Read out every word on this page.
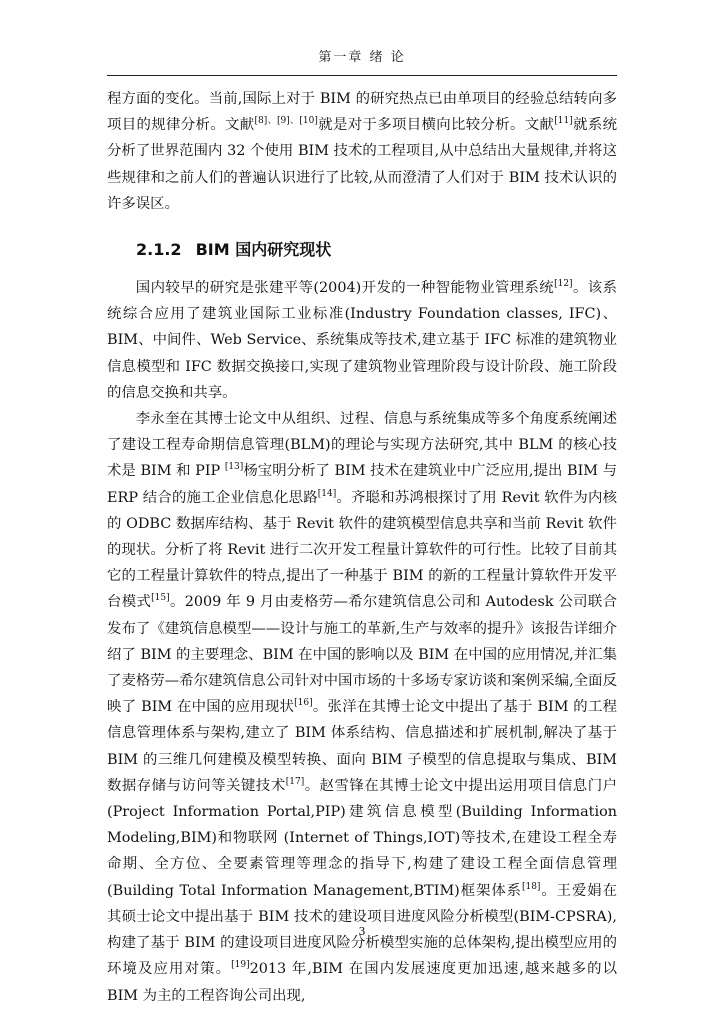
第一章 绪 论

程方面的变化。当前,国际上对于 BIM 的研究热点已由单项目的经验总结转向多项目的规律分析。文献[8]、[9]、[10]就是对于多项目横向比较分析。文献[11]就系统分析了世界范围内 32 个使用 BIM 技术的工程项目,从中总结出大量规律,并将这些规律和之前人们的普遍认识进行了比较,从而澄清了人们对于 BIM 技术认识的许多误区。

2.1.2 BIM 国内研究现状

国内较早的研究是张建平等(2004)开发的一种智能物业管理系统[12]。该系统综合应用了建筑业国际工业标准(Industry Foundation classes, IFC)、BIM、中间件、Web Service、系统集成等技术,建立基于 IFC 标准的建筑物业信息模型和 IFC 数据交换接口,实现了建筑物业管理阶段与设计阶段、施工阶段的信息交换和共享。

李永奎在其博士论文中从组织、过程、信息与系统集成等多个角度系统阐述了建设工程寿命期信息管理(BLM)的理论与实现方法研究,其中 BLM 的核心技术是 BIM 和 PIP [13]杨宝明分析了 BIM 技术在建筑业中广泛应用,提出 BIM 与 ERP 结合的施工企业信息化思路[14]。齐聪和苏鸿根探讨了用 Revit 软件为内核的 ODBC 数据库结构、基于 Revit 软件的建筑模型信息共享和当前 Revit 软件的现状。分析了将 Revit 进行二次开发工程量计算软件的可行性。比较了目前其它的工程量计算软件的特点,提出了一种基于 BIM 的新的工程量计算软件开发平台模式[15]。2009 年 9 月由麦格劳—希尔建筑信息公司和 Autodesk 公司联合发布了《建筑信息模型——设计与施工的革新,生产与效率的提升》该报告详细介绍了 BIM 的主要理念、BIM 在中国的影响以及 BIM 在中国的应用情况,并汇集了麦格劳—希尔建筑信息公司针对中国市场的十多场专家访谈和案例采编,全面反映了 BIM 在中国的应用现状[16]。张洋在其博士论文中提出了基于 BIM 的工程信息管理体系与架构,建立了 BIM 体系结构、信息描述和扩展机制,解决了基于 BIM 的三维几何建模及模型转换、面向 BIM 子模型的信息提取与集成、BIM 数据存储与访问等关键技术[17]。赵雪锋在其博士论文中提出运用项目信息门户(Project Information Portal,PIP)建筑信息模型(Building Information Modeling,BIM)和物联网 (Internet of Things,IOT)等技术,在建设工程全寿命期、全方位、全要素管理等理念的指导下,构建了建设工程全面信息管理(Building Total Information Management,BTIM)框架体系[18]。王爱娟在其硕士论文中提出基于 BIM 技术的建设项目进度风险分析模型(BIM-CPSRA),构建了基于 BIM 的建设项目进度风险分析模型实施的总体架构,提出模型应用的环境及应用对策。[19]2013 年,BIM 在国内发展速度更加迅速,越来越多的以 BIM 为主的工程咨询公司出现,

3
